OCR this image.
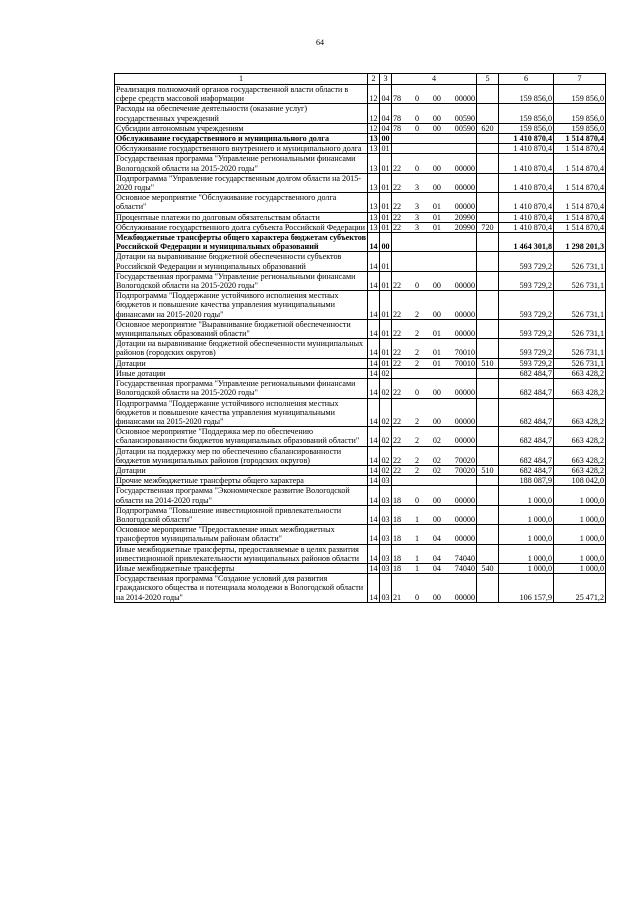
64
1	2	3	4	5	6	7
Реализация полномочий органов государственной власти области в сфере средств массовой информации	12	04	78 0 00 00000		159 856,0	159 856,0
Расходы на обеспечение деятельности (оказание услуг) государственных учреждений	12	04	78 0 00 00590		159 856,0	159 856,0
Субсидии автономным учреждениям	12	04	78 0 00 00590	620	159 856,0	159 856,0
Обслуживание государственного и муниципального долга	13	00			1 410 870,4	1 514 870,4
Обслуживание государственного внутреннего и муниципального долга	13	01			1 410 870,4	1 514 870,4
Государственная программа "Управление региональными финансами Вологодской области на 2015-2020 годы"	13	01	22 0 00 00000		1 410 870,4	1 514 870,4
Подпрограмма "Управление государственным долгом области на 2015-2020 годы"	13	01	22 3 00 00000		1 410 870,4	1 514 870,4
Основное мероприятие "Обслуживание государственного долга области"	13	01	22 3 01 00000		1 410 870,4	1 514 870,4
Процентные платежи по долговым обязательствам области	13	01	22 3 01 20990		1 410 870,4	1 514 870,4
Обслуживание государственного долга субъекта Российской Федерации	13	01	22 3 01 20990	720	1 410 870,4	1 514 870,4
Межбюджетные трансферты общего характера бюджетам субъектов Российской Федерации и муниципальных образований	14	00			1 464 301,8	1 298 201,3
Дотации на выравнивание бюджетной обеспеченности субъектов Российской Федерации и муниципальных образований	14	01			593 729,2	526 731,1
Государственная программа "Управление региональными финансами Вологодской области на 2015-2020 годы"	14	01	22 0 00 00000		593 729,2	526 731,1
Подпрограмма "Поддержание устойчивого исполнения местных бюджетов и повышение качества управления муниципальными финансами на 2015-2020 годы"	14	01	22 2 00 00000		593 729,2	526 731,1
Основное мероприятие "Выравнивание бюджетной обеспеченности муниципальных образований области"	14	01	22 2 01 00000		593 729,2	526 731,1
Дотации на выравнивание бюджетной обеспеченности муниципальных районов (городских округов)	14	01	22 2 01 70010		593 729,2	526 731,1
Дотации	14	01	22 2 01 70010	510	593 729,2	526 731,1
Иные дотации	14	02			682 484,7	663 428,2
Государственная программа "Управление региональными финансами Вологодской области на 2015-2020 годы"	14	02	22 0 00 00000		682 484,7	663 428,2
Подпрограмма "Поддержание устойчивого исполнения местных бюджетов и повышение качества управления муниципальными финансами на 2015-2020 годы"	14	02	22 2 00 00000		682 484,7	663 428,2
Основное мероприятие "Поддержка мер по обеспечению сбалансированности бюджетов муниципальных образований области"	14	02	22 2 02 00000		682 484,7	663 428,2
Дотации на поддержку мер по обеспечению сбалансированности бюджетов муниципальных районов (городских округов)	14	02	22 2 02 70020		682 484,7	663 428,2
Дотации	14	02	22 2 02 70020	510	682 484,7	663 428,2
Прочие межбюджетные трансферты общего характера	14	03			188 087,9	108 042,0
Государственная программа "Экономическое развитие Вологодской области на 2014-2020 годы"	14	03	18 0 00 00000		1 000,0	1 000,0
Подпрограмма "Повышение инвестиционной привлекательности Вологодской области"	14	03	18 1 00 00000		1 000,0	1 000,0
Основное мероприятие "Предоставление иных межбюджетных трансфертов муниципальным районам области"	14	03	18 1 04 00000		1 000,0	1 000,0
Иные межбюджетные трансферты, предоставляемые в целях развития инвестиционной привлекательности муниципальных районов области	14	03	18 1 04 74040		1 000,0	1 000,0
Иные межбюджетные трансферты	14	03	18 1 04 74040	540	1 000,0	1 000,0
Государственная программа "Создание условий для развития гражданского общества и потенциала молодежи в Вологодской области на 2014-2020 годы"	14	03	21 0 00 00000		106 157,9	25 471,2
